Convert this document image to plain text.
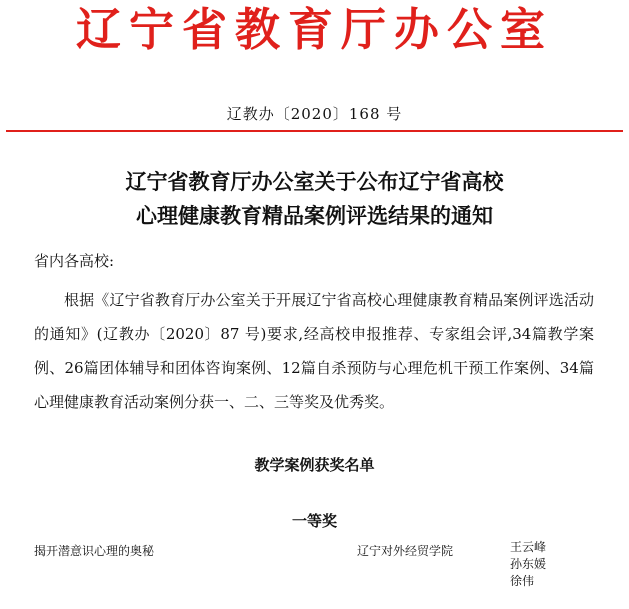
辽宁省教育厅办公室
辽教办〔2020〕168 号
辽宁省教育厅办公室关于公布辽宁省高校
心理健康教育精品案例评选结果的通知
省内各高校:
根据《辽宁省教育厅办公室关于开展辽宁省高校心理健康教育精品案例评选活动的通知》(辽教办〔2020〕87 号)要求,经高校申报推荐、专家组会评,34篇教学案例、26篇团体辅导和团体咨询案例、12篇自杀预防与心理危机干预工作案例、34篇心理健康教育活动案例分获一、二、三等奖及优秀奖。
教学案例获奖名单
一等奖
揭开潜意识心理的奥秘	辽宁对外经贸学院	王云峰
孙东媛
徐伟
